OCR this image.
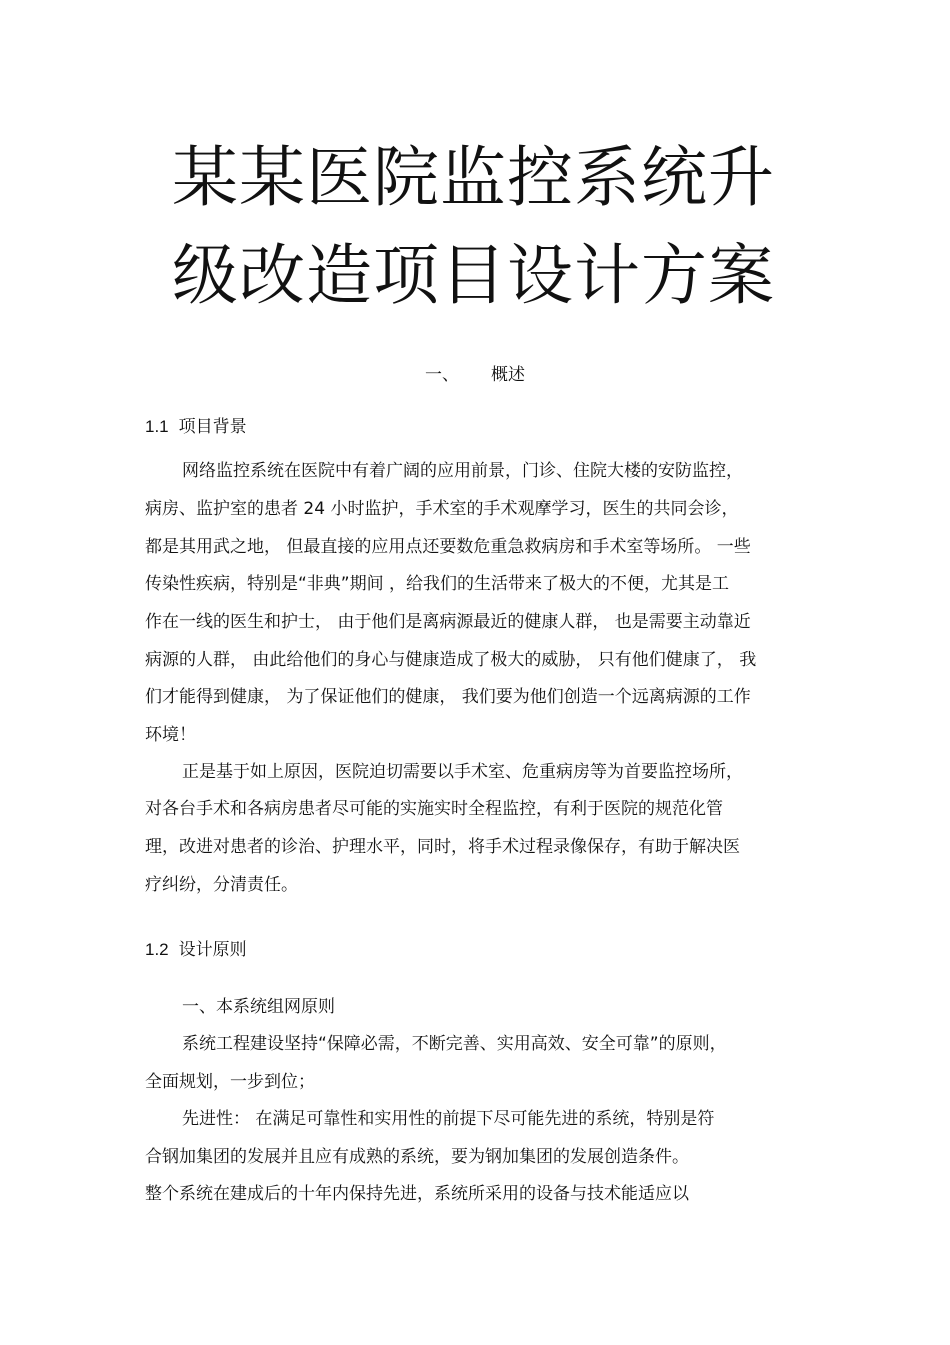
某某医院监控系统升
级改造项目设计方案
一、 概述
1.1 项目背景
网络监控系统在医院中有着广阔的应用前景，门诊、住院大楼的安防监控，
病房、监护室的患者 24 小时监护，手术室的手术观摩学习，医生的共同会诊，
都是其用武之地， 但最直接的应用点还要数危重急救病房和手术室等场所。 一些
传染性疾病，特别是“非典”期间 ，给我们的生活带来了极大的不便，尤其是工
作在一线的医生和护士， 由于他们是离病源最近的健康人群， 也是需要主动靠近
病源的人群， 由此给他们的身心与健康造成了极大的威胁， 只有他们健康了， 我
们才能得到健康， 为了保证他们的健康， 我们要为他们创造一个远离病源的工作
环境！
正是基于如上原因，医院迫切需要以手术室、危重病房等为首要监控场所，
对各台手术和各病房患者尽可能的实施实时全程监控，有利于医院的规范化管
理，改进对患者的诊治、护理水平，同时，将手术过程录像保存，有助于解决医
疗纠纷，分清责任。
1.2 设计原则
一、本系统组网原则
系统工程建设坚持“保障必需，不断完善、实用高效、安全可靠”的原则，
全面规划，一步到位；
先进性： 在满足可靠性和实用性的前提下尽可能先进的系统，特别是符
合钢加集团的发展并且应有成熟的系统，要为钢加集团的发展创造条件。
整个系统在建成后的十年内保持先进，系统所采用的设备与技术能适应以
